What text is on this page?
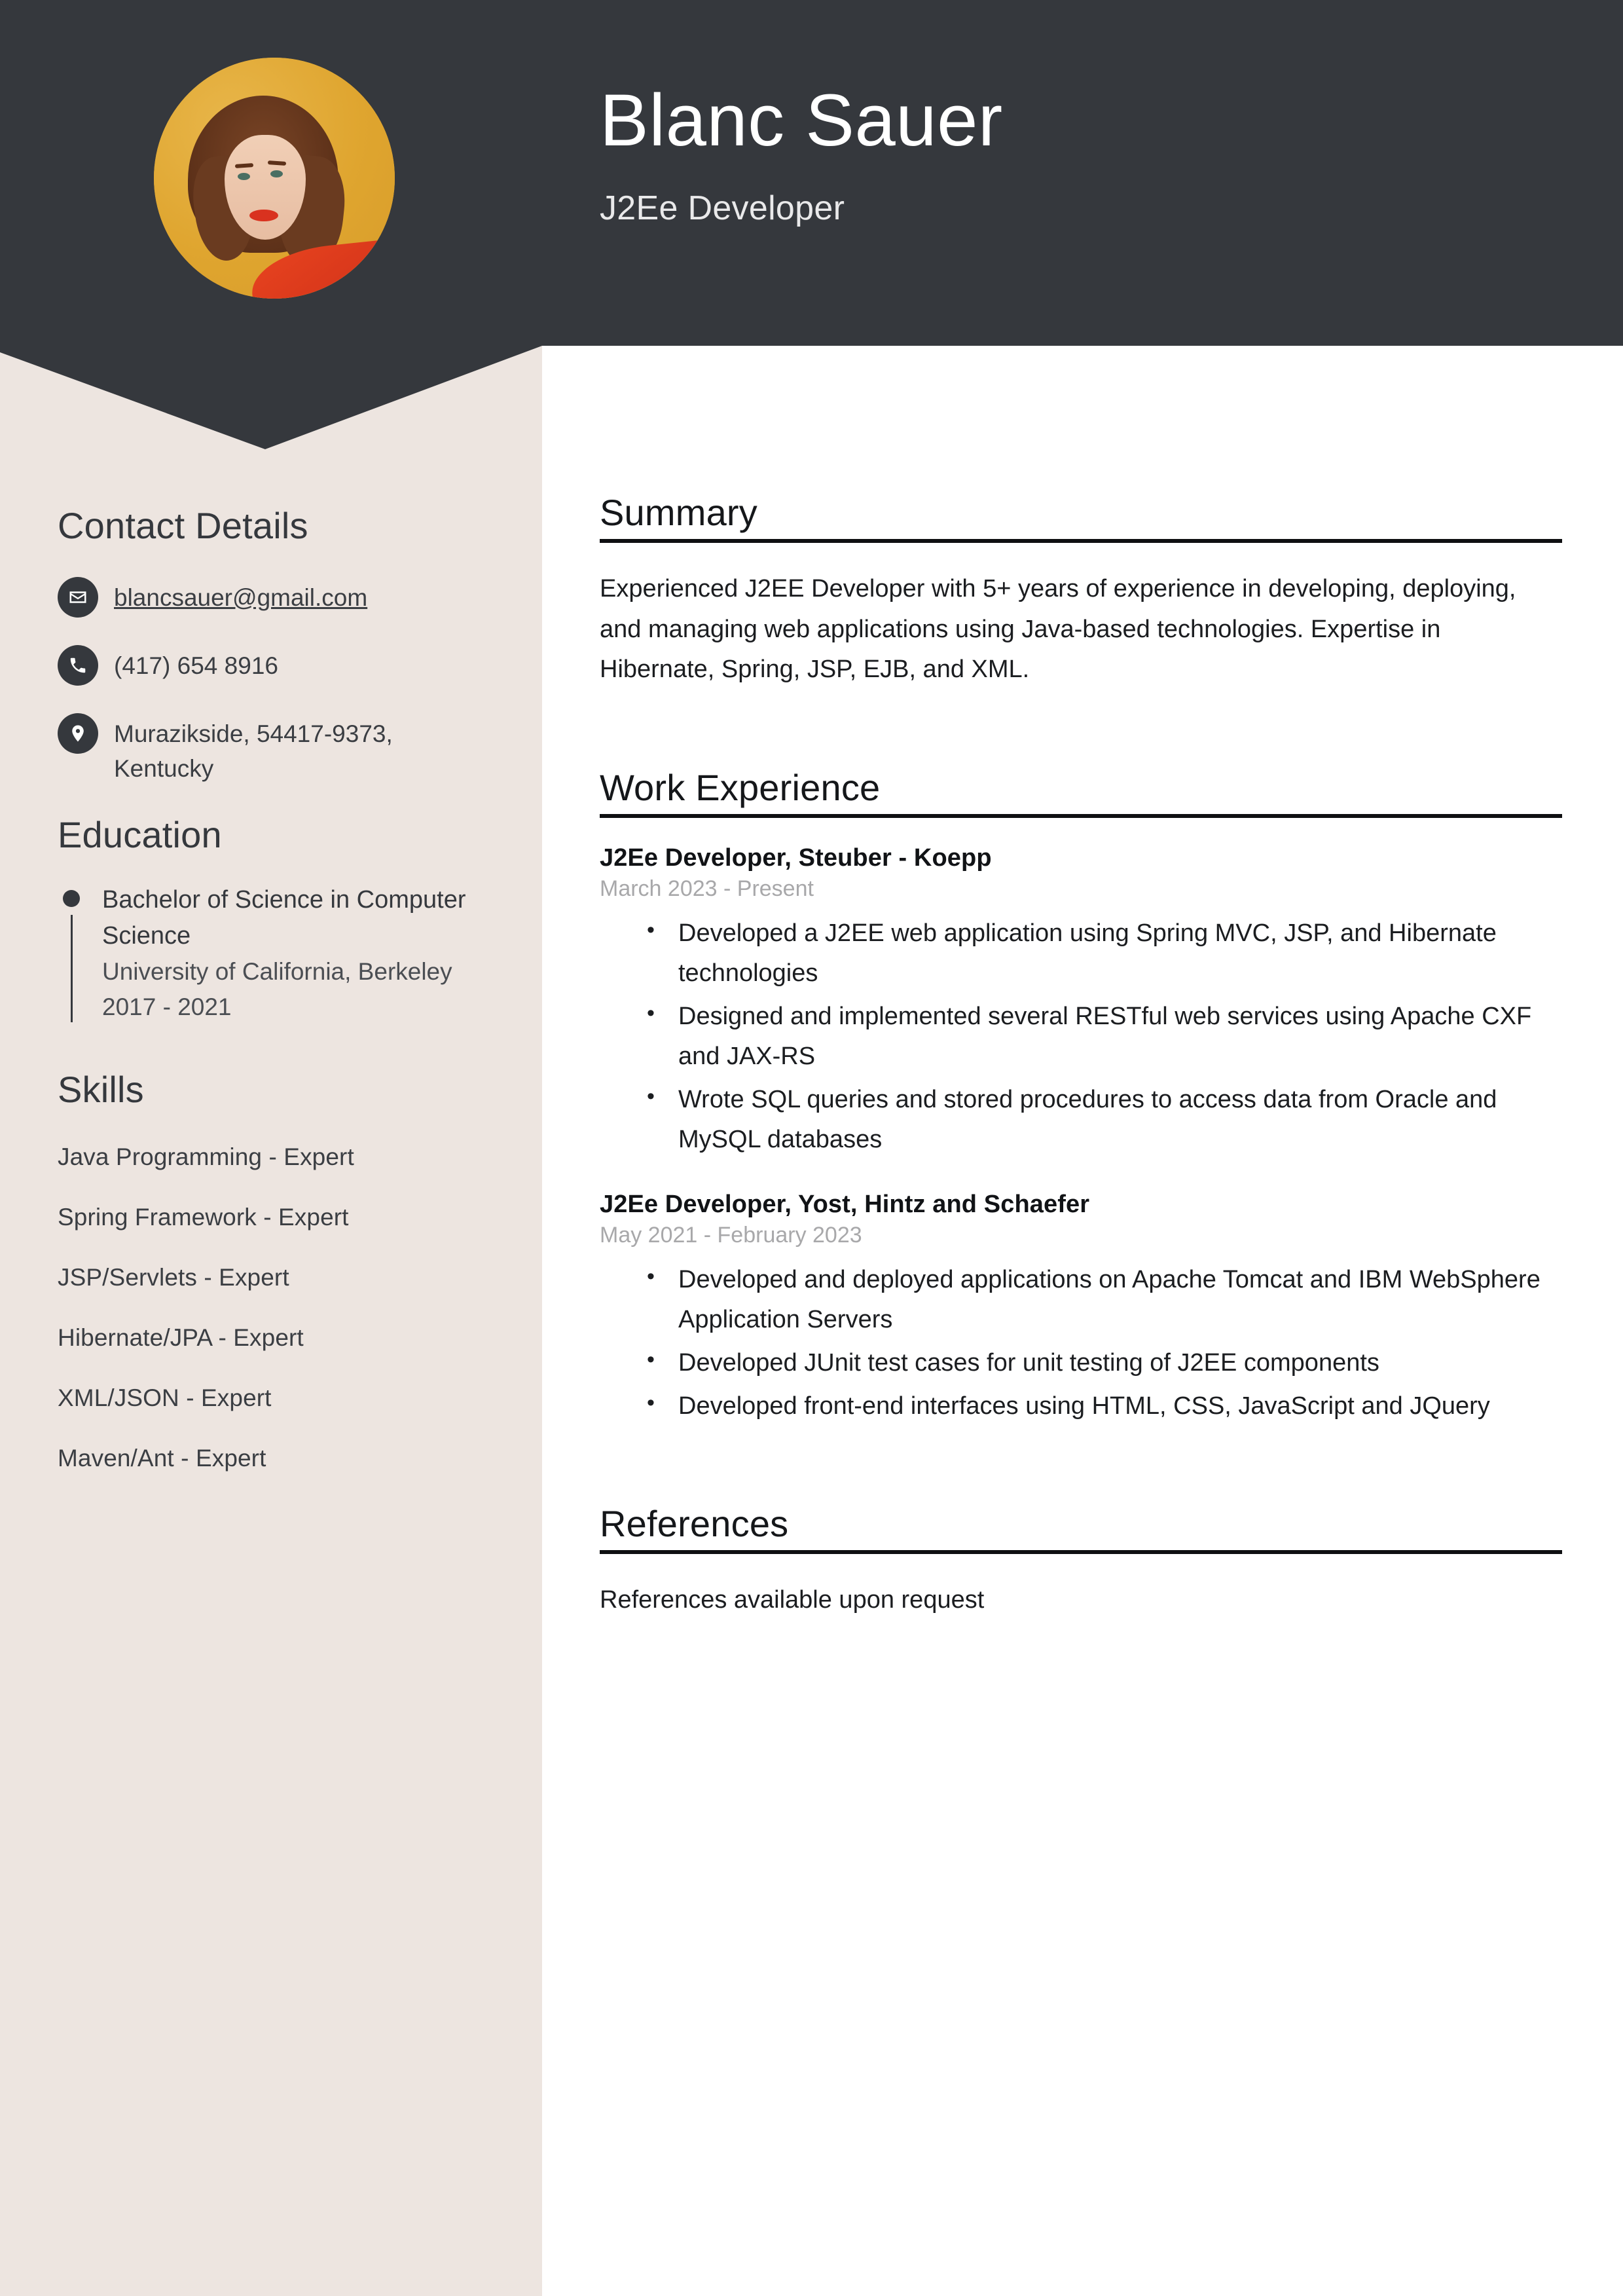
Blanc Sauer
J2Ee Developer
Contact Details
blancsauer@gmail.com
(417) 654 8916
Murazikside, 54417-9373, Kentucky
Education
Bachelor of Science in Computer Science
University of California, Berkeley
2017 - 2021
Skills
Java Programming - Expert
Spring Framework - Expert
JSP/Servlets - Expert
Hibernate/JPA - Expert
XML/JSON - Expert
Maven/Ant - Expert
Summary

Experienced J2EE Developer with 5+ years of experience in developing, deploying, and managing web applications using Java-based technologies. Expertise in Hibernate, Spring, JSP, EJB, and XML.

Work Experience
J2Ee Developer, Steuber - Koepp
March 2023 - Present
• Developed a J2EE web application using Spring MVC, JSP, and Hibernate technologies
• Designed and implemented several RESTful web services using Apache CXF and JAX-RS
• Wrote SQL queries and stored procedures to access data from Oracle and MySQL databases
J2Ee Developer, Yost, Hintz and Schaefer
May 2021 - February 2023
• Developed and deployed applications on Apache Tomcat and IBM WebSphere Application Servers
• Developed JUnit test cases for unit testing of J2EE components
• Developed front-end interfaces using HTML, CSS, JavaScript and JQuery
References

References available upon request
